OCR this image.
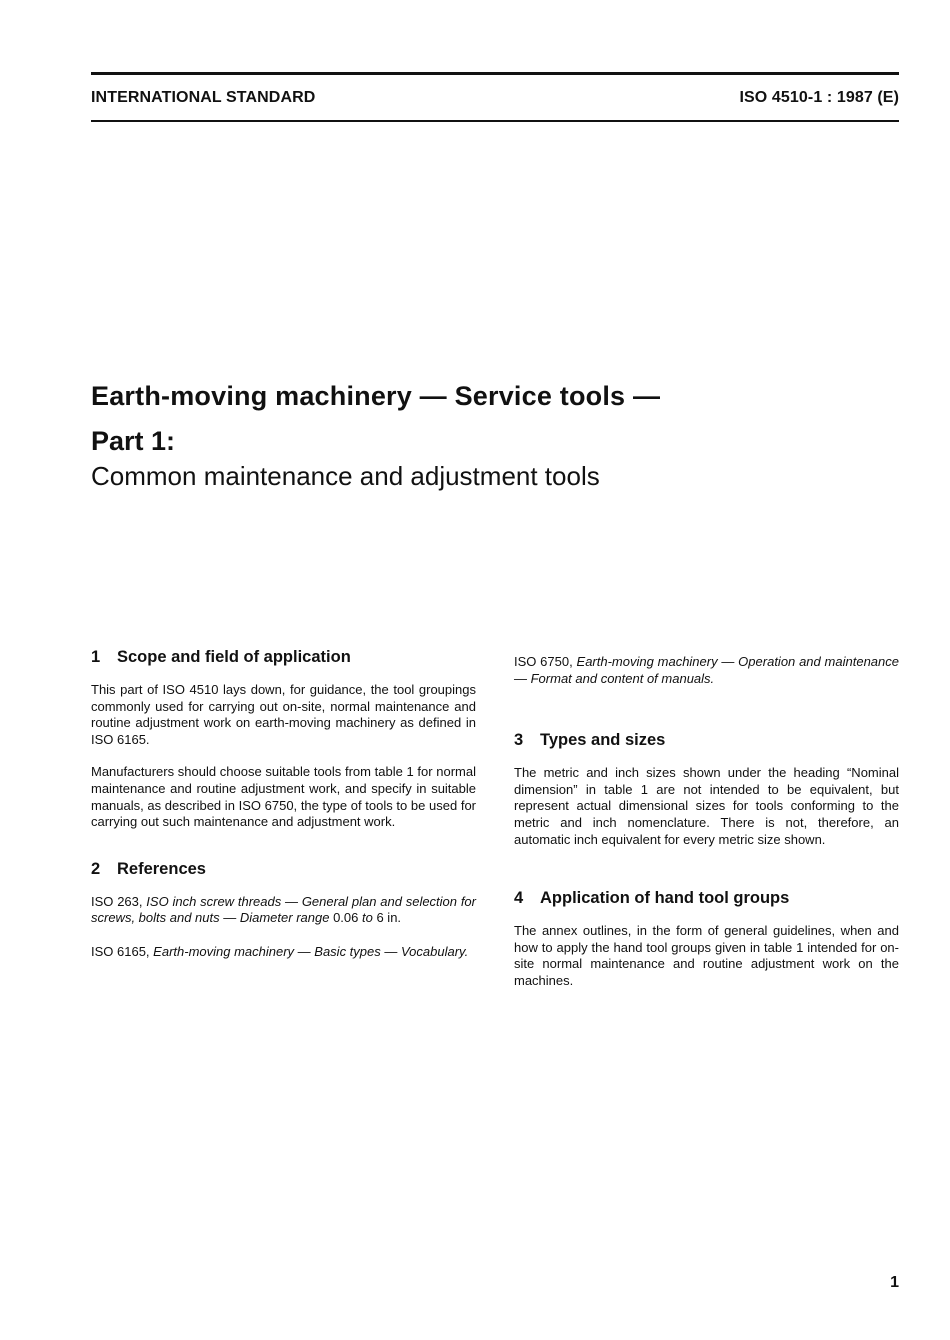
INTERNATIONAL STANDARD	ISO 4510-1 : 1987 (E)
Earth-moving machinery — Service tools —
Part 1:
Common maintenance and adjustment tools
1 Scope and field of application

This part of ISO 4510 lays down, for guidance, the tool groupings commonly used for carrying out on-site, normal maintenance and routine adjustment work on earth-moving machinery as defined in ISO 6165.

Manufacturers should choose suitable tools from table 1 for normal maintenance and routine adjustment work, and specify in suitable manuals, as described in ISO 6750, the type of tools to be used for carrying out such maintenance and adjustment work.

2 References

ISO 263, ISO inch screw threads — General plan and selection for screws, bolts and nuts — Diameter range 0.06 to 6 in.

ISO 6165, Earth-moving machinery — Basic types — Vocabulary.

ISO 6750, Earth-moving machinery — Operation and maintenance — Format and content of manuals.

3 Types and sizes

The metric and inch sizes shown under the heading “Nominal dimension” in table 1 are not intended to be equivalent, but represent actual dimensional sizes for tools conforming to the metric and inch nomenclature. There is not, therefore, an automatic inch equivalent for every metric size shown.

4 Application of hand tool groups

The annex outlines, in the form of general guidelines, when and how to apply the hand tool groups given in table 1 intended for on-site normal maintenance and routine adjustment work on the machines.

1
